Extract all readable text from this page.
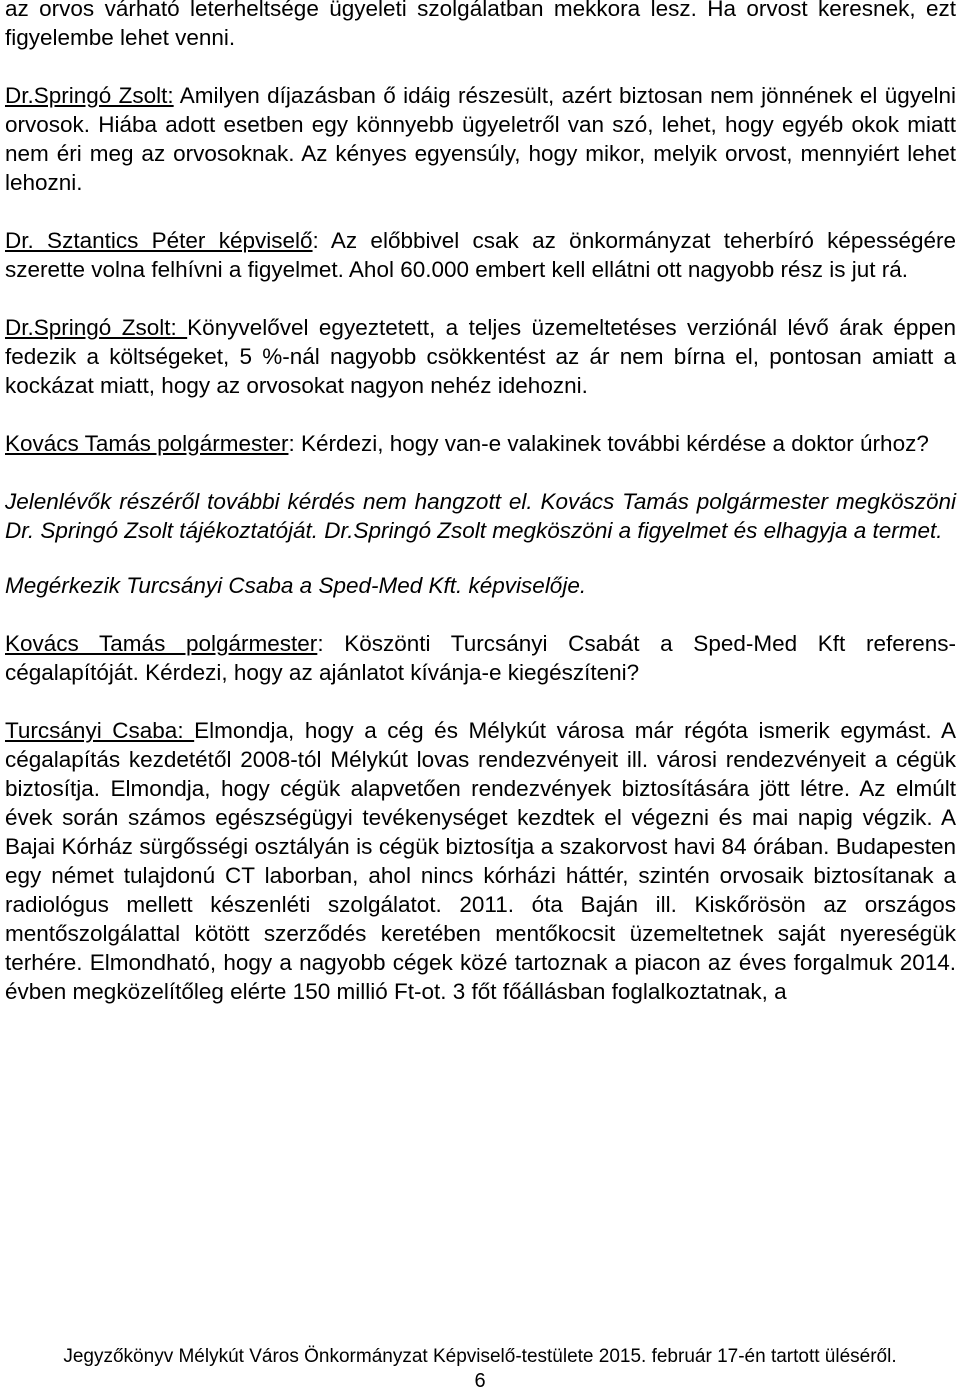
az orvos várható leterheltsége ügyeleti szolgálatban mekkora lesz. Ha orvost keresnek, ezt figyelembe lehet venni.

Dr.Springó Zsolt: Amilyen díjazásban ő idáig részesült, azért biztosan nem jönnének el ügyelni orvosok. Hiába adott esetben egy könnyebb ügyeletről van szó, lehet, hogy egyéb okok miatt nem éri meg az orvosoknak. Az kényes egyensúly, hogy mikor, melyik orvost, mennyiért lehet lehozni.

Dr. Sztantics Péter képviselő: Az előbbivel csak az önkormányzat teherbíró képességére szerette volna felhívni a figyelmet. Ahol 60.000 embert kell ellátni ott nagyobb rész is jut rá.

Dr.Springó Zsolt: Könyvelővel egyeztetett, a teljes üzemeltetéses verziónál lévő árak éppen fedezik a költségeket, 5 %-nál nagyobb csökkentést az ár nem bírna el, pontosan amiatt a kockázat miatt, hogy az orvosokat nagyon nehéz idehozni.

Kovács Tamás polgármester: Kérdezi, hogy van-e valakinek további kérdése a doktor úrhoz?

Jelenlévők részéről további kérdés nem hangzott el. Kovács Tamás polgármester megköszöni Dr. Springó Zsolt tájékoztatóját. Dr.Springó Zsolt megköszöni a figyelmet és elhagyja a termet.

Megérkezik Turcsányi Csaba a Sped-Med Kft. képviselője.

Kovács Tamás polgármester: Köszönti Turcsányi Csabát a Sped-Med Kft referens-cégalapítóját. Kérdezi, hogy az ajánlatot kívánja-e kiegészíteni?

Turcsányi Csaba: Elmondja, hogy a cég és Mélykút városa már régóta ismerik egymást. A cégalapítás kezdetétől 2008-tól Mélykút lovas rendezvényeit ill. városi rendezvényeit a cégük biztosítja. Elmondja, hogy cégük alapvetően rendezvények biztosítására jött létre. Az elmúlt évek során számos egészségügyi tevékenységet kezdtek el végezni és mai napig végzik. A Bajai Kórház sürgősségi osztályán is cégük biztosítja a szakorvost havi 84 órában. Budapesten egy német tulajdonú CT laborban, ahol nincs kórházi háttér, szintén orvosaik biztosítanak a radiológus mellett készenléti szolgálatot. 2011. óta Baján ill. Kiskőrösön az országos mentőszolgálattal kötött szerződés keretében mentőkocsit üzemeltetnek saját nyereségük terhére. Elmondható, hogy a nagyobb cégek közé tartoznak a piacon az éves forgalmuk 2014. évben megközelítőleg elérte 150 millió Ft-ot. 3 főt főállásban foglalkoztatnak, a

Jegyzőkönyv Mélykút Város Önkormányzat Képviselő-testülete 2015. február 17-én tartott üléséről.
6
